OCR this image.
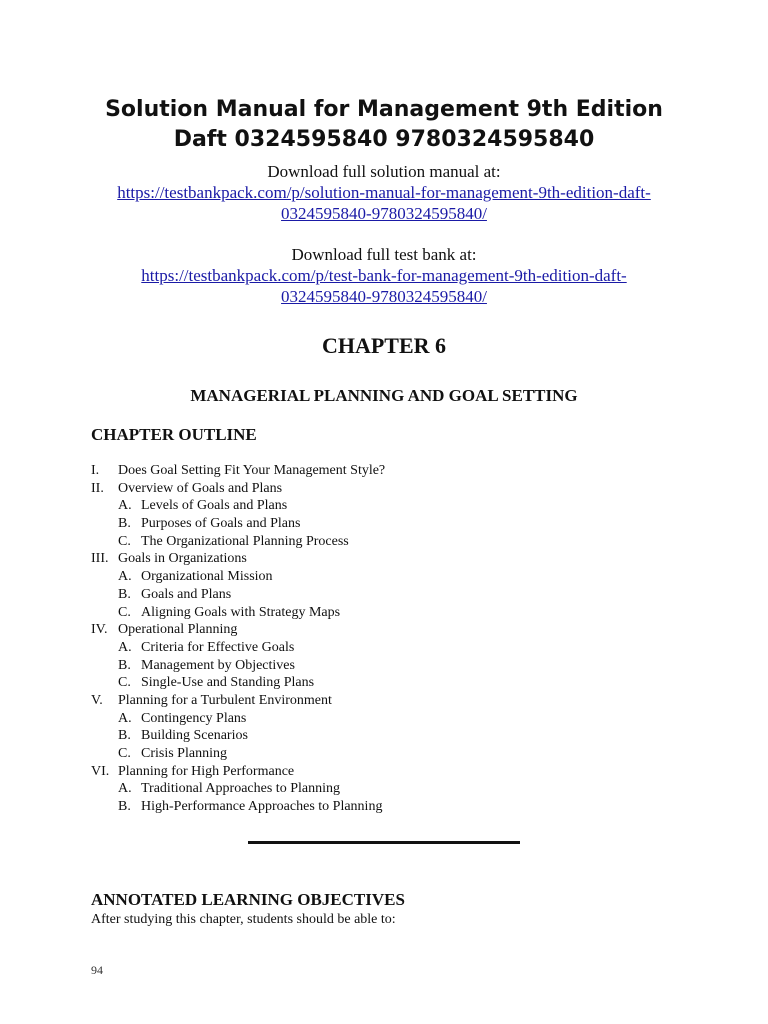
Solution Manual for Management 9th Edition
Daft 0324595840 9780324595840
Download full solution manual at:
https://testbankpack.com/p/solution-manual-for-management-9th-edition-daft-
0324595840-9780324595840/
Download full test bank at:
https://testbankpack.com/p/test-bank-for-management-9th-edition-daft-
0324595840-9780324595840/
CHAPTER 6
MANAGERIAL PLANNING AND GOAL SETTING
CHAPTER OUTLINE
I. Does Goal Setting Fit Your Management Style?
II. Overview of Goals and Plans
A. Levels of Goals and Plans
B. Purposes of Goals and Plans
C. The Organizational Planning Process
III. Goals in Organizations
A. Organizational Mission
B. Goals and Plans
C. Aligning Goals with Strategy Maps
IV. Operational Planning
A. Criteria for Effective Goals
B. Management by Objectives
C. Single-Use and Standing Plans
V. Planning for a Turbulent Environment
A. Contingency Plans
B. Building Scenarios
C. Crisis Planning
VI. Planning for High Performance
A. Traditional Approaches to Planning
B. High-Performance Approaches to Planning
ANNOTATED LEARNING OBJECTIVES
After studying this chapter, students should be able to:
94
